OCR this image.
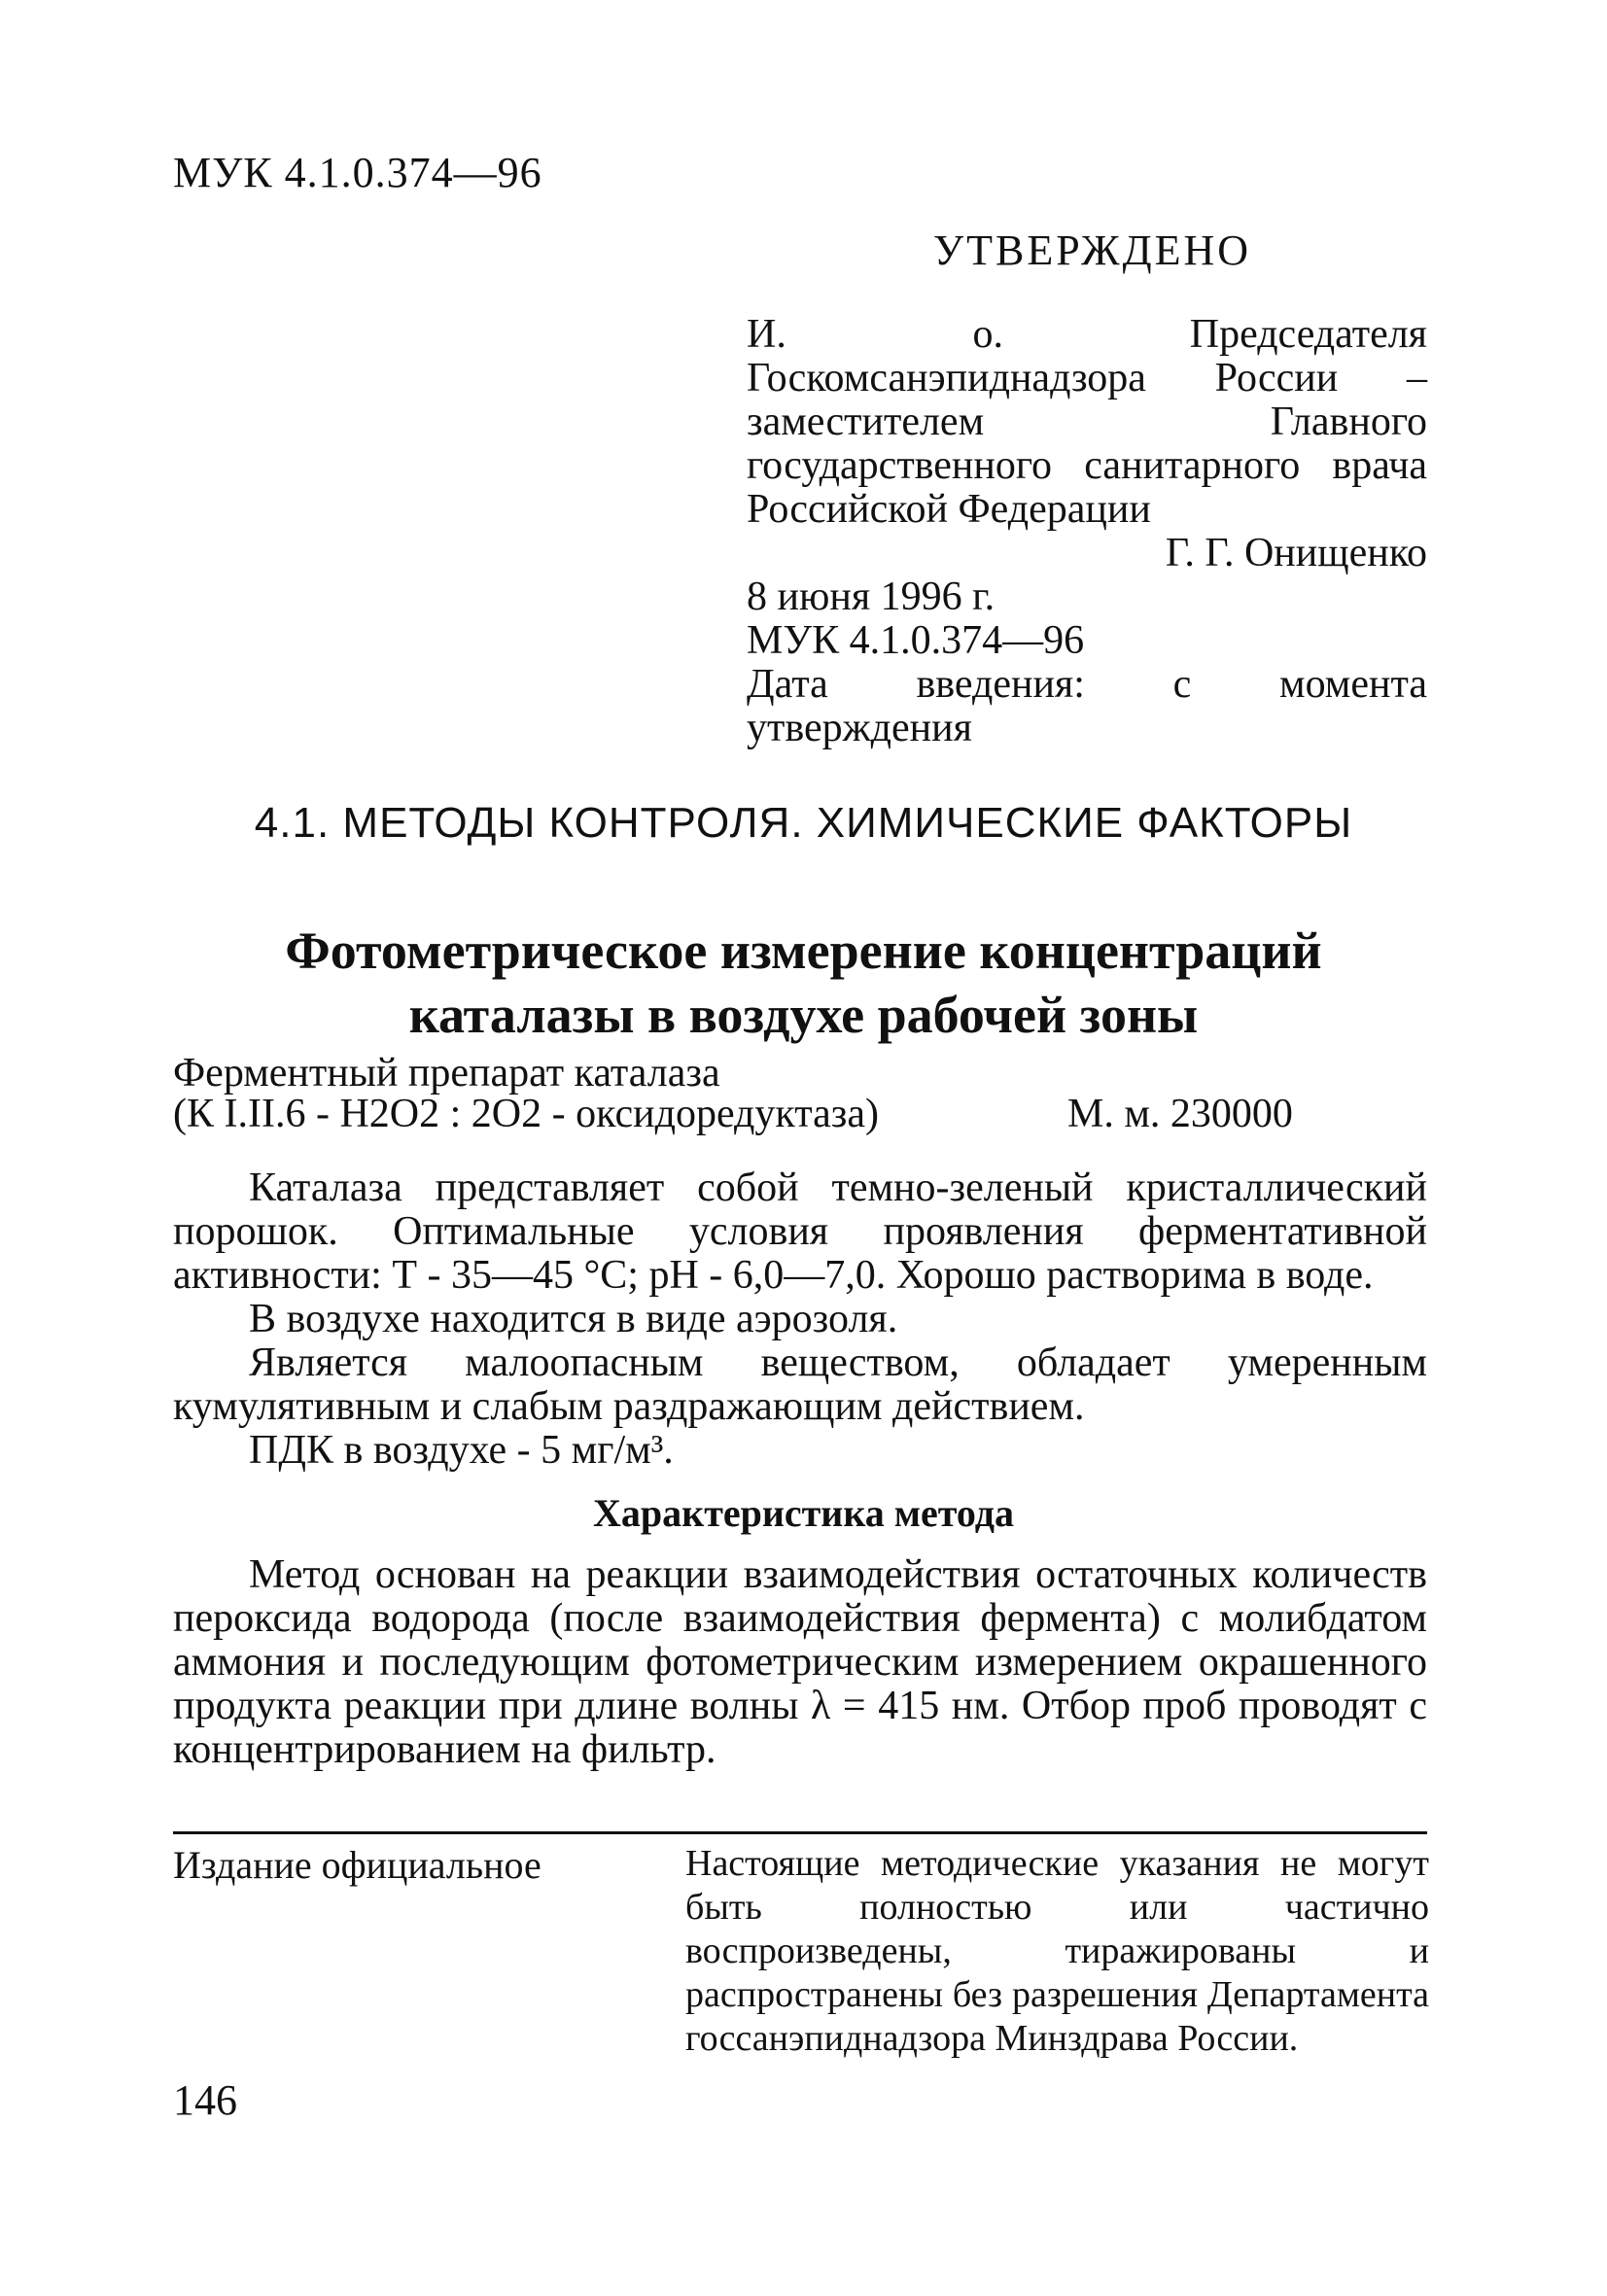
МУК 4.1.0.374—96
УТВЕРЖДЕНО

И. о. Председателя Госкомсанэпиднадзора России – заместителем Главного государственного санитарного врача Российской Федерации

Г. Г. Онищенко

8 июня 1996 г.

МУК 4.1.0.374—96

Дата введения: с момента утверждения

4.1. МЕТОДЫ КОНТРОЛЯ. ХИМИЧЕСКИЕ ФАКТОРЫ
Фотометрическое измерение концентраций
каталазы в воздухе рабочей зоны
Ферментный препарат каталаза
(К I.II.6 - H2O2 : 2O2 - оксидоредуктаза)	М. м. 230000

Каталаза представляет собой темно-зеленый кристаллический порошок. Оптимальные условия проявления ферментативной активности: Т - 35—45 °С; рН - 6,0—7,0. Хорошо растворима в воде.

В воздухе находится в виде аэрозоля.

Является малоопасным веществом, обладает умеренным кумулятивным и слабым раздражающим действием.

ПДК в воздухе - 5 мг/м³.

Характеристика метода

Метод основан на реакции взаимодействия остаточных количеств пероксида водорода (после взаимодействия фермента) с молибдатом аммония и последующим фотометрическим измерением окрашенного продукта реакции при длине волны λ = 415 нм. Отбор проб проводят с концентрированием на фильтр.

Издание официальное	Настоящие методические указания не могут быть полностью или частично воспроизведены, тиражированы и распространены без разрешения Департамента госсанэпиднадзора Минздрава России.
146
